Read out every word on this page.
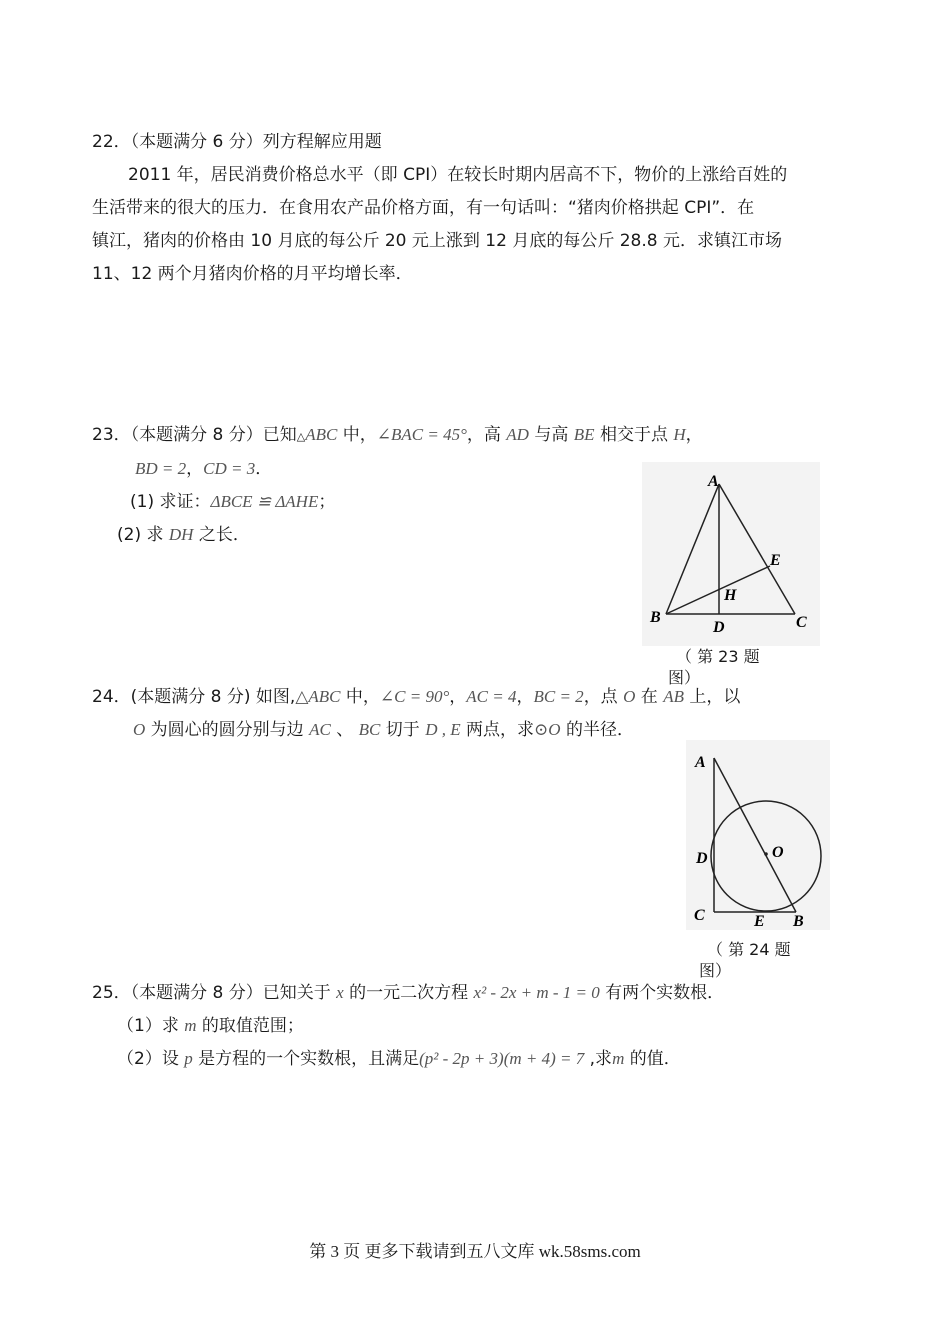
22．（本题满分 6 分）列方程解应用题
2011 年，居民消费价格总水平（即 CPI）在较长时期内居高不下，物价的上涨给百姓的
生活带来的很大的压力．在食用农产品价格方面，有一句话叫：“猪肉价格拱起 CPI”．在
镇江，猪肉的价格由 10 月底的每公斤 20 元上涨到 12 月底的每公斤 28.8 元．求镇江市场
11、12 两个月猪肉价格的月平均增长率．
23．（本题满分 8 分）已知△ABC 中，∠BAC = 45°，高 AD 与高 BE 相交于点 H，
BD = 2，CD = 3．
(1) 求证：ΔBCE ≌ ΔAHE；
(2) 求 DH 之长．
A
B	C
D
E
H
（ 第 23 题
图）
24．(本题满分 8 分) 如图,△ABC 中，∠C = 90°，AC = 4，BC = 2，点 O 在 AB 上，以
O 为圆心的圆分别与边 AC 、 BC 切于 D , E 两点，求⊙O 的半径．
A
C
D
E B
O
（ 第 24 题
图）
25．（本题满分 8 分）已知关于 x 的一元二次方程 x² - 2x + m - 1 = 0 有两个实数根．
（1）求 m 的取值范围；
（2）设 p 是方程的一个实数根，且满足(p² - 2p + 3)(m + 4) = 7 ,求m 的值．
第 3 页 更多下载请到五八文库 wk.58sms.com
